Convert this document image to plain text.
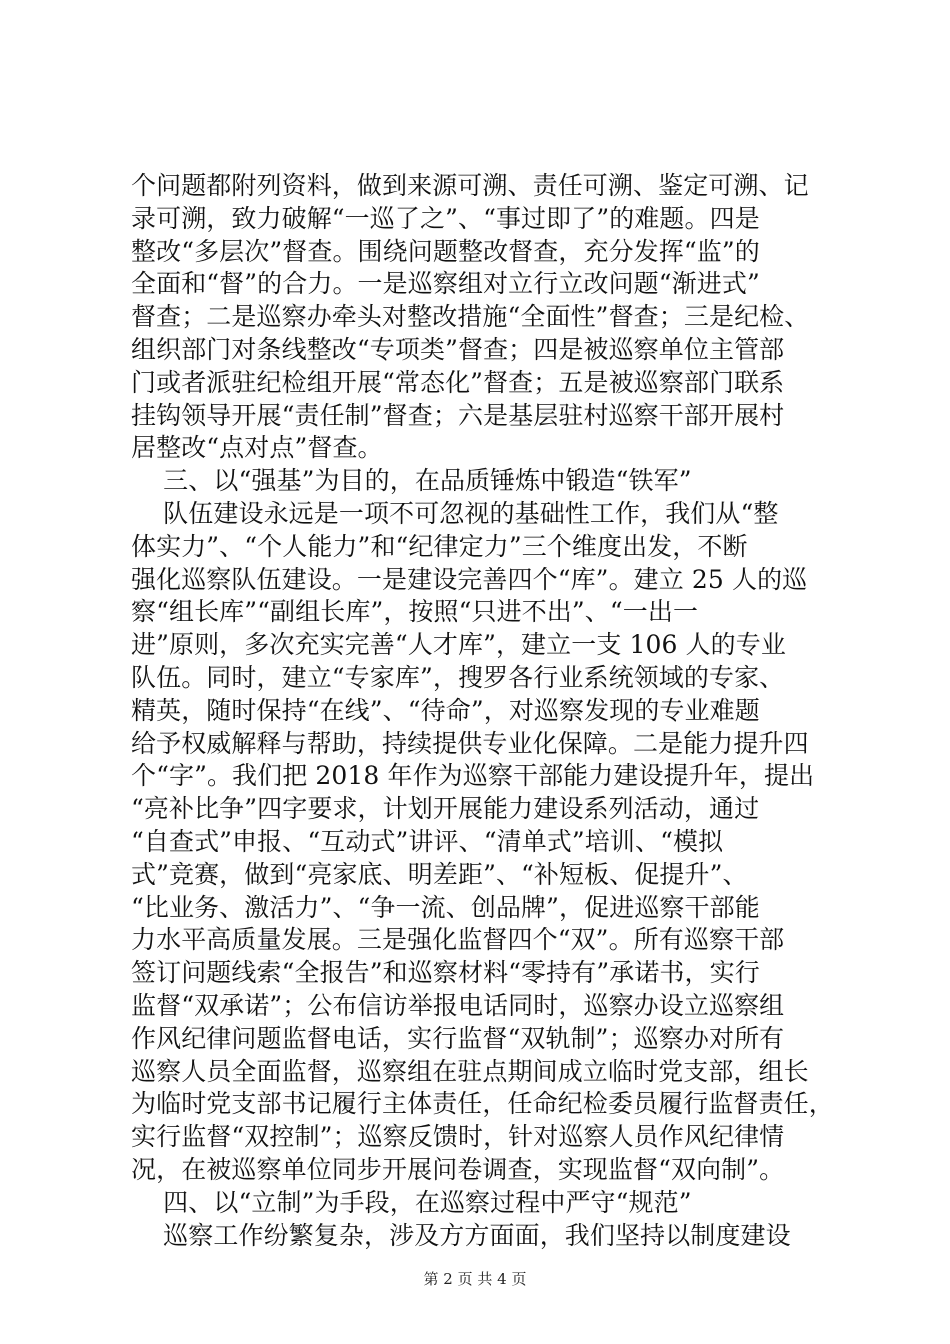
个问题都附列资料，做到来源可溯、责任可溯、鉴定可溯、记
录可溯，致力破解“一巡了之”、“事过即了”的难题。四是
整改“多层次”督查。围绕问题整改督查，充分发挥“监”的
全面和“督”的合力。一是巡察组对立行立改问题“渐进式”
督查；二是巡察办牵头对整改措施“全面性”督查；三是纪检、
组织部门对条线整改“专项类”督查；四是被巡察单位主管部
门或者派驻纪检组开展“常态化”督查；五是被巡察部门联系
挂钩领导开展“责任制”督查；六是基层驻村巡察干部开展村
居整改“点对点”督查。
三、以“强基”为目的，在品质锤炼中锻造“铁军”
队伍建设永远是一项不可忽视的基础性工作，我们从“整
体实力”、“个人能力”和“纪律定力”三个维度出发，不断
强化巡察队伍建设。一是建设完善四个“库”。建立 25 人的巡
察“组长库”“副组长库”，按照“只进不出”、“一出一
进”原则，多次充实完善“人才库”，建立一支 106 人的专业
队伍。同时，建立“专家库”，搜罗各行业系统领域的专家、
精英，随时保持“在线”、“待命”，对巡察发现的专业难题
给予权威解释与帮助，持续提供专业化保障。二是能力提升四
个“字”。我们把 2018 年作为巡察干部能力建设提升年，提出
“亮补比争”四字要求，计划开展能力建设系列活动，通过
“自查式”申报、“互动式”讲评、“清单式”培训、“模拟
式”竞赛，做到“亮家底、明差距”、“补短板、促提升”、
“比业务、激活力”、“争一流、创品牌”，促进巡察干部能
力水平高质量发展。三是强化监督四个“双”。所有巡察干部
签订问题线索“全报告”和巡察材料“零持有”承诺书，实行
监督“双承诺”；公布信访举报电话同时，巡察办设立巡察组
作风纪律问题监督电话，实行监督“双轨制”；巡察办对所有
巡察人员全面监督，巡察组在驻点期间成立临时党支部，组长
为临时党支部书记履行主体责任，任命纪检委员履行监督责任，
实行监督“双控制”；巡察反馈时，针对巡察人员作风纪律情
况，在被巡察单位同步开展问卷调查，实现监督“双向制”。
四、以“立制”为手段，在巡察过程中严守“规范”
巡察工作纷繁复杂，涉及方方面面，我们坚持以制度建设
第 2 页 共 4 页
